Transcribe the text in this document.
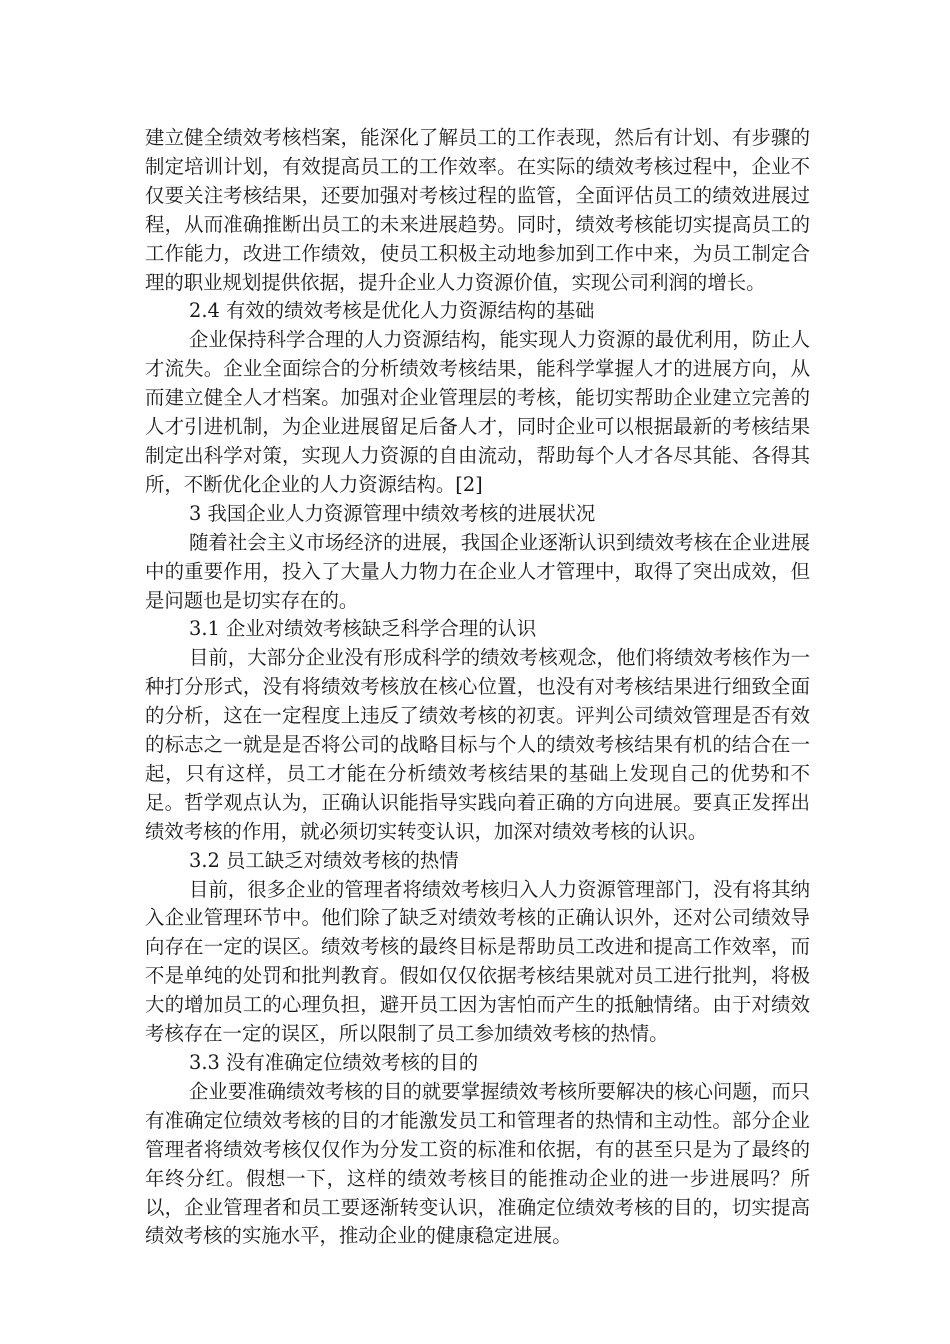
建立健全绩效考核档案，能深化了解员工的工作表现，然后有计划、有步骤的制定培训计划，有效提高员工的工作效率。在实际的绩效考核过程中，企业不仅要关注考核结果，还要加强对考核过程的监管，全面评估员工的绩效进展过程，从而准确推断出员工的未来进展趋势。同时，绩效考核能切实提高员工的工作能力，改进工作绩效，使员工积极主动地参加到工作中来，为员工制定合理的职业规划提供依据，提升企业人力资源价值，实现公司利润的增长。

2.4 有效的绩效考核是优化人力资源结构的基础

企业保持科学合理的人力资源结构，能实现人力资源的最优利用，防止人才流失。企业全面综合的分析绩效考核结果，能科学掌握人才的进展方向，从而建立健全人才档案。加强对企业管理层的考核，能切实帮助企业建立完善的人才引进机制，为企业进展留足后备人才，同时企业可以根据最新的考核结果制定出科学对策，实现人力资源的自由流动，帮助每个人才各尽其能、各得其所，不断优化企业的人力资源结构。[2]

3 我国企业人力资源管理中绩效考核的进展状况

随着社会主义市场经济的进展，我国企业逐渐认识到绩效考核在企业进展中的重要作用，投入了大量人力物力在企业人才管理中，取得了突出成效，但是问题也是切实存在的。

3.1 企业对绩效考核缺乏科学合理的认识

目前，大部分企业没有形成科学的绩效考核观念，他们将绩效考核作为一种打分形式，没有将绩效考核放在核心位置，也没有对考核结果进行细致全面的分析，这在一定程度上违反了绩效考核的初衷。评判公司绩效管理是否有效的标志之一就是是否将公司的战略目标与个人的绩效考核结果有机的结合在一起，只有这样，员工才能在分析绩效考核结果的基础上发现自己的优势和不足。哲学观点认为，正确认识能指导实践向着正确的方向进展。要真正发挥出绩效考核的作用，就必须切实转变认识，加深对绩效考核的认识。

3.2 员工缺乏对绩效考核的热情

目前，很多企业的管理者将绩效考核归入人力资源管理部门，没有将其纳入企业管理环节中。他们除了缺乏对绩效考核的正确认识外，还对公司绩效导向存在一定的误区。绩效考核的最终目标是帮助员工改进和提高工作效率，而不是单纯的处罚和批判教育。假如仅仅依据考核结果就对员工进行批判，将极大的增加员工的心理负担，避开员工因为害怕而产生的抵触情绪。由于对绩效考核存在一定的误区，所以限制了员工参加绩效考核的热情。

3.3 没有准确定位绩效考核的目的

企业要准确绩效考核的目的就要掌握绩效考核所要解决的核心问题，而只有准确定位绩效考核的目的才能激发员工和管理者的热情和主动性。部分企业管理者将绩效考核仅仅作为分发工资的标准和依据，有的甚至只是为了最终的年终分红。假想一下，这样的绩效考核目的能推动企业的进一步进展吗？所以，企业管理者和员工要逐渐转变认识，准确定位绩效考核的目的，切实提高绩效考核的实施水平，推动企业的健康稳定进展。
